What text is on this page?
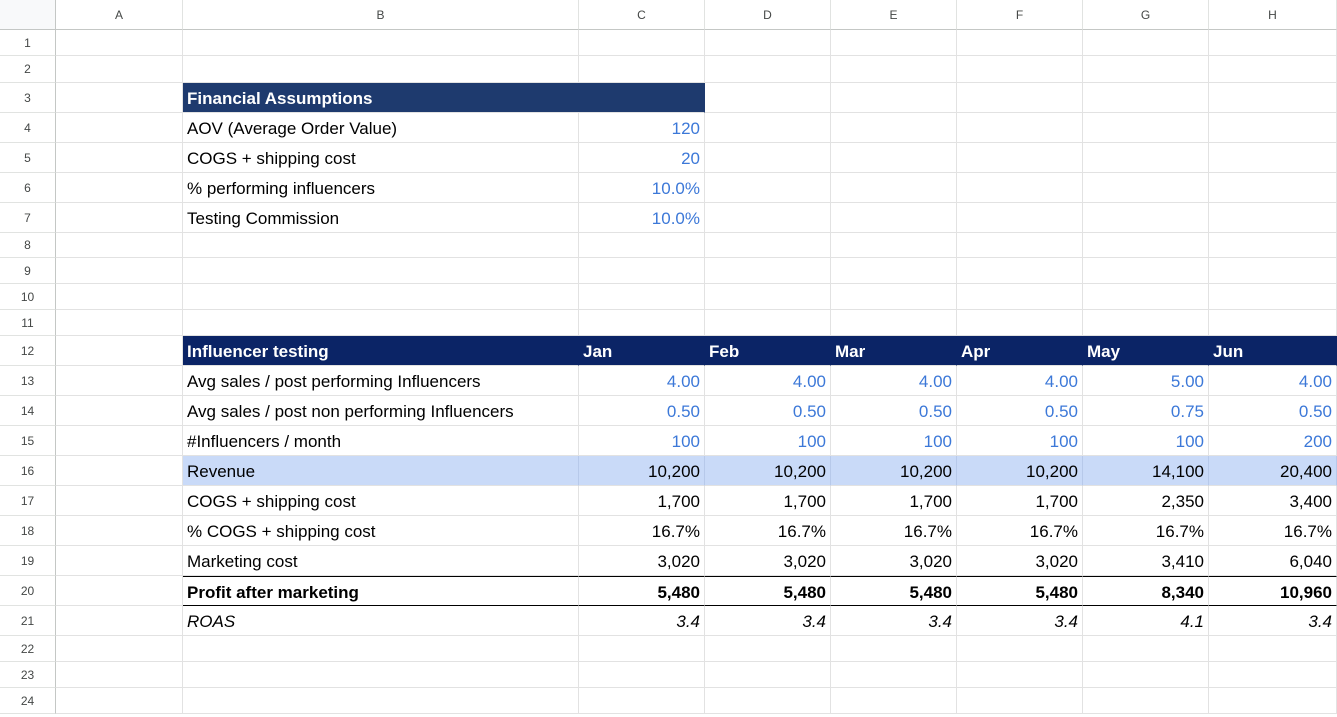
A	B	C	D	E	F	G	H
1
2
3
4
5
6
7
8
9
10
11
12
13
14
15
16
17
18
19
20
21
22
23
24
Financial Assumptions
AOV (Average Order Value)	120
COGS + shipping cost	20
% performing influencers	10.0%
Testing Commission	10.0%
Influencer testing	Jan	Feb	Mar	Apr	May	Jun
Avg sales / post performing Influencers	4.00	4.00	4.00	4.00	5.00	4.00
Avg sales / post non performing Influencers	0.50	0.50	0.50	0.50	0.75	0.50
#Influencers / month	100	100	100	100	100	200
Revenue	10,200	10,200	10,200	10,200	14,100	20,400
COGS + shipping cost	1,700	1,700	1,700	1,700	2,350	3,400
% COGS + shipping cost	16.7%	16.7%	16.7%	16.7%	16.7%	16.7%
Marketing cost	3,020	3,020	3,020	3,020	3,410	6,040
Profit after marketing	5,480	5,480	5,480	5,480	8,340	10,960
ROAS	3.4	3.4	3.4	3.4	4.1	3.4
